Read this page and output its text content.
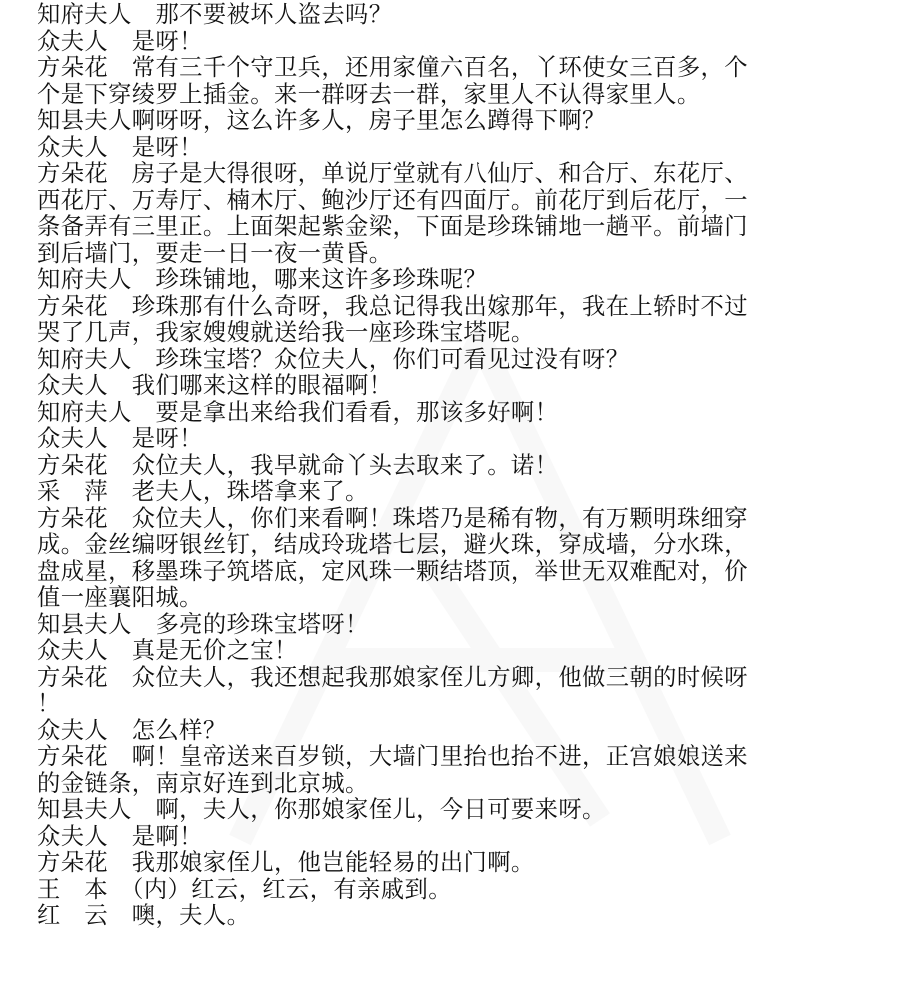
知府夫人　那不要被坏人盗去吗？
众夫人　是呀！
方朵花　常有三千个守卫兵，还用家僮六百名，丫环使女三百多，个
个是下穿绫罗上插金。来一群呀去一群，家里人不认得家里人。
知县夫人啊呀呀，这么许多人，房子里怎么蹲得下啊？
众夫人　是呀！
方朵花　房子是大得很呀，单说厅堂就有八仙厅、和合厅、东花厅、
西花厅、万寿厅、楠木厅、鲍沙厅还有四面厅。前花厅到后花厅，一
条备弄有三里正。上面架起紫金梁，下面是珍珠铺地一趟平。前墙门
到后墙门，要走一日一夜一黄昏。
知府夫人　珍珠铺地，哪来这许多珍珠呢？
方朵花　珍珠那有什么奇呀，我总记得我出嫁那年，我在上轿时不过
哭了几声，我家嫂嫂就送给我一座珍珠宝塔呢。
知府夫人　珍珠宝塔？众位夫人，你们可看见过没有呀？
众夫人　我们哪来这样的眼福啊！
知府夫人　要是拿出来给我们看看，那该多好啊！
众夫人　是呀！
方朵花　众位夫人，我早就命丫头去取来了。诺！
采　萍　老夫人，珠塔拿来了。
方朵花　众位夫人，你们来看啊！珠塔乃是稀有物，有万颗明珠细穿
成。金丝编呀银丝钉，结成玲珑塔七层，避火珠，穿成墙，分水珠，
盘成星，移墨珠子筑塔底，定风珠一颗结塔顶，举世无双难配对，价
值一座襄阳城。
知县夫人　多亮的珍珠宝塔呀！
众夫人　真是无价之宝！
方朵花　众位夫人，我还想起我那娘家侄儿方卿，他做三朝的时候呀
！
众夫人　怎么样？
方朵花　啊！皇帝送来百岁锁，大墙门里抬也抬不进，正宫娘娘送来
的金链条，南京好连到北京城。
知县夫人　啊，夫人，你那娘家侄儿，今日可要来呀。
众夫人　是啊！
方朵花　我那娘家侄儿，他岂能轻易的出门啊。
王　本　（内）红云，红云，有亲戚到。
红　云　噢，夫人。
